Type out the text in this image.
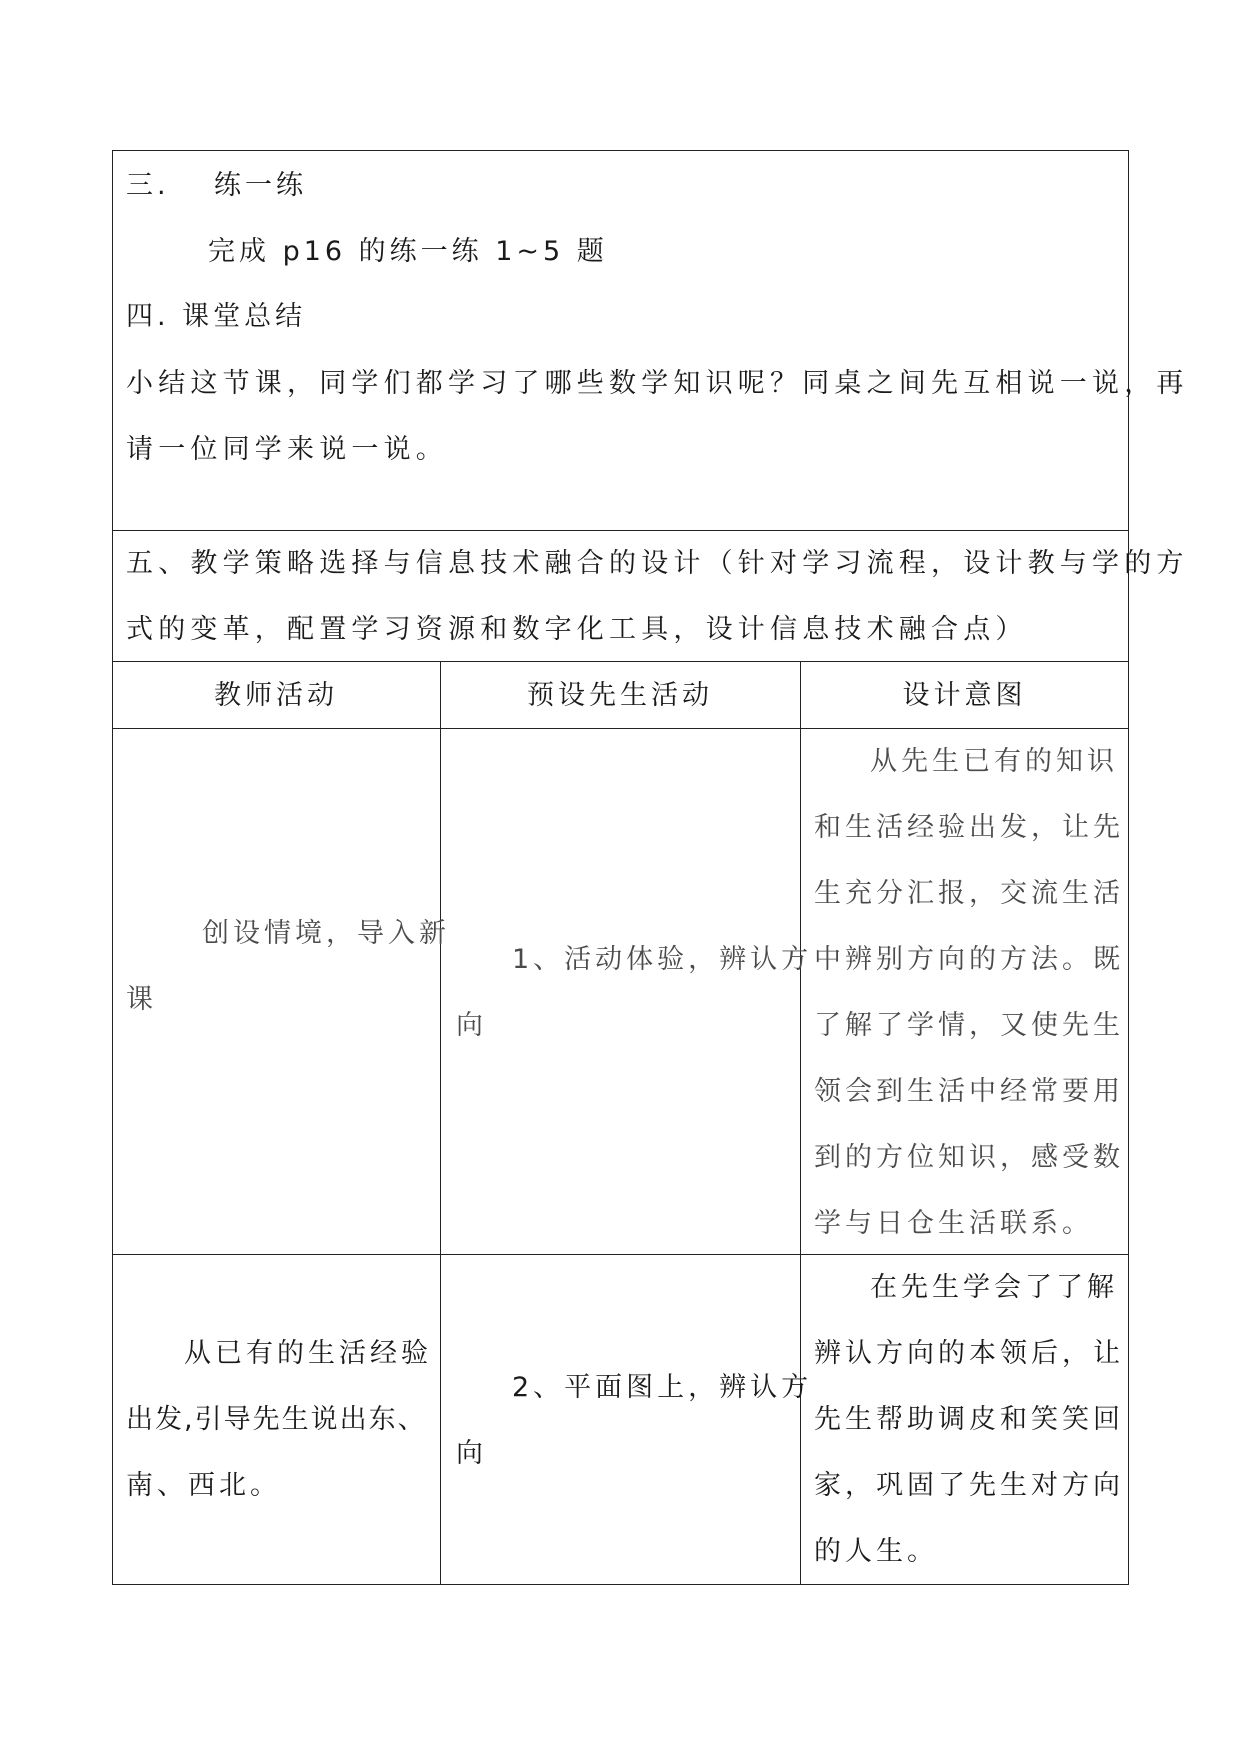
三. 练一练
完成 p16 的练一练 1~5 题
四. 课堂总结
小结这节课，同学们都学习了哪些数学知识呢？同桌之间先互相说一说，再
请一位同学来说一说。
五、教学策略选择与信息技术融合的设计（针对学习流程，设计教与学的方
式的变革，配置学习资源和数字化工具，设计信息技术融合点）
教师活动	预设先生活动	设计意图
创设情境，导入新
课
1、活动体验，辨认方
向
从先生已有的知识
和生活经验出发，让先
生充分汇报，交流生活
中辨别方向的方法。既
了解了学情，又使先生
领会到生活中经常要用
到的方位知识，感受数
学与日仓生活联系。
从已有的生活经验
出发,引导先生说出东、
南、西北。
2、平面图上，辨认方
向
在先生学会了了解
辨认方向的本领后，让
先生帮助调皮和笑笑回
家，巩固了先生对方向
的人生。
